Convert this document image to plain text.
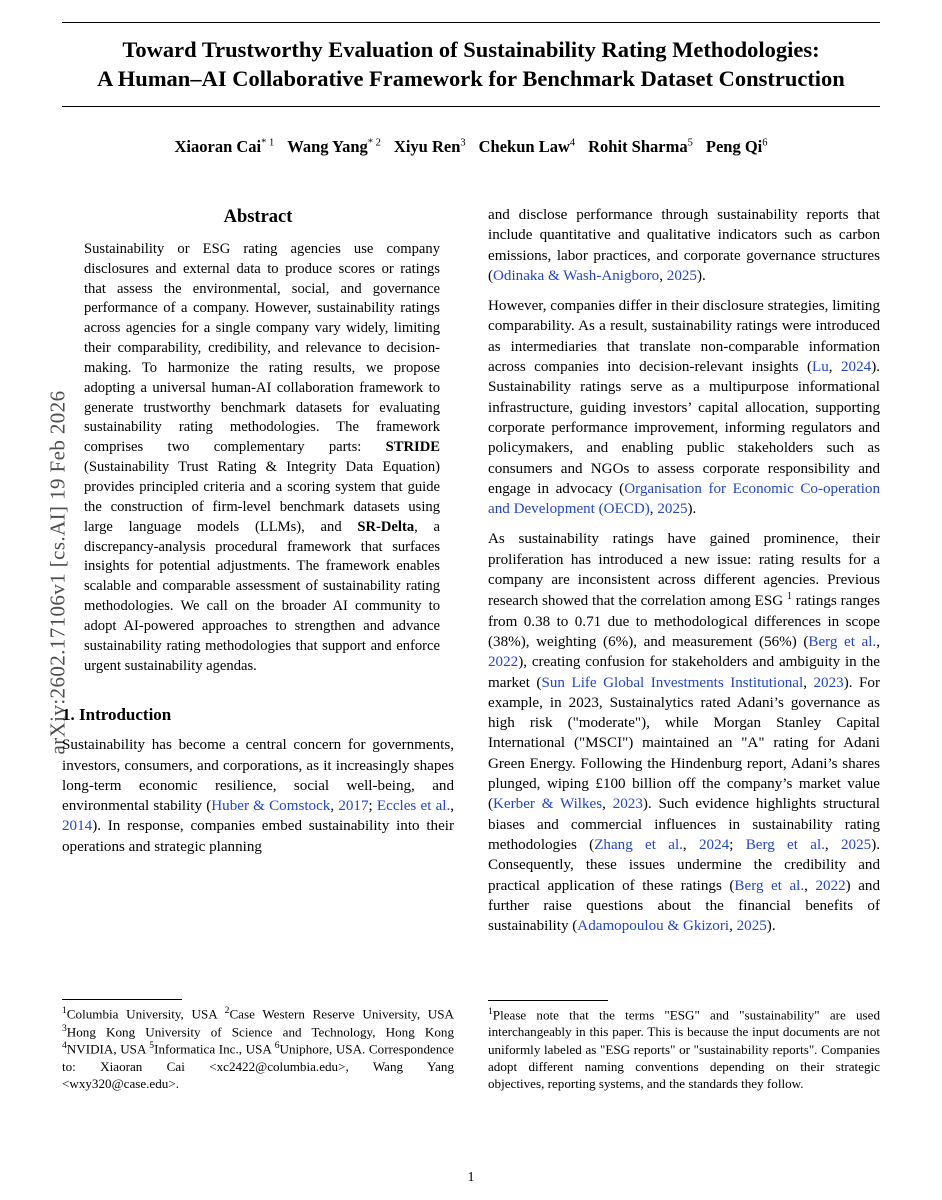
arXiv:2602.17106v1 [cs.AI] 19 Feb 2026
Toward Trustworthy Evaluation of Sustainability Rating Methodologies:
A Human–AI Collaborative Framework for Benchmark Dataset Construction
Xiaoran Cai$^{* 1}$ Wang Yang$^{* 2}$ Xiyu Ren$^3$ Chekun Law$^4$ Rohit Sharma$^5$ Peng Qi$^6$
Abstract
Sustainability or ESG rating agencies use company disclosures and external data to produce scores or ratings that assess the environmental, social, and governance performance of a company. However, sustainability ratings across agencies for a single company vary widely, limiting their comparability, credibility, and relevance to decision-making. To harmonize the rating results, we propose adopting a universal human-AI collaboration framework to generate trustworthy benchmark datasets for evaluating sustainability rating methodologies. The framework comprises two complementary parts: STRIDE (Sustainability Trust Rating & Integrity Data Equation) provides principled criteria and a scoring system that guide the construction of firm-level benchmark datasets using large language models (LLMs), and SR-Delta, a discrepancy-analysis procedural framework that surfaces insights for potential adjustments. The framework enables scalable and comparable assessment of sustainability rating methodologies. We call on the broader AI community to adopt AI-powered approaches to strengthen and advance sustainability rating methodologies that support and enforce urgent sustainability agendas.
1. Introduction

Sustainability has become a central concern for governments, investors, consumers, and corporations, as it increasingly shapes long-term economic resilience, social well-being, and environmental stability (Huber & Comstock, 2017; Eccles et al., 2014). In response, companies embed sustainability into their operations and strategic planning

$^1$Columbia University, USA $^2$Case Western Reserve University, USA $^3$Hong Kong University of Science and Technology, Hong Kong $^4$NVIDIA, USA $^5$Informatica Inc., USA $^6$Uniphore, USA. Correspondence to: Xiaoran Cai <xc2422@columbia.edu>, Wang Yang <wxy320@case.edu>.

and disclose performance through sustainability reports that include quantitative and qualitative indicators such as carbon emissions, labor practices, and corporate governance structures (Odinaka & Wash-Anigboro, 2025).

However, companies differ in their disclosure strategies, limiting comparability. As a result, sustainability ratings were introduced as intermediaries that translate non-comparable information across companies into decision-relevant insights (Lu, 2024). Sustainability ratings serve as a multipurpose informational infrastructure, guiding investors’ capital allocation, supporting corporate performance improvement, informing regulators and policymakers, and enabling public stakeholders such as consumers and NGOs to assess corporate responsibility and engage in advocacy (Organisation for Economic Co-operation and Development (OECD), 2025).

As sustainability ratings have gained prominence, their proliferation has introduced a new issue: rating results for a company are inconsistent across different agencies. Previous research showed that the correlation among ESG $^1$ ratings ranges from 0.38 to 0.71 due to methodological differences in scope (38%), weighting (6%), and measurement (56%) (Berg et al., 2022), creating confusion for stakeholders and ambiguity in the market (Sun Life Global Investments Institutional, 2023). For example, in 2023, Sustainalytics rated Adani’s governance as high risk ("moderate"), while Morgan Stanley Capital International ("MSCI") maintained an "A" rating for Adani Green Energy. Following the Hindenburg report, Adani’s shares plunged, wiping £100 billion off the company’s market value (Kerber & Wilkes, 2023). Such evidence highlights structural biases and commercial influences in sustainability rating methodologies (Zhang et al., 2024; Berg et al., 2025). Consequently, these issues undermine the credibility and practical application of these ratings (Berg et al., 2022) and further raise questions about the financial benefits of sustainability (Adamopoulou & Gkizori, 2025).

$^1$Please note that the terms "ESG" and "sustainability" are used interchangeably in this paper. This is because the input documents are not uniformly labeled as "ESG reports" or "sustainability reports". Companies adopt different naming conventions depending on their strategic objectives, reporting systems, and the standards they follow.
1
